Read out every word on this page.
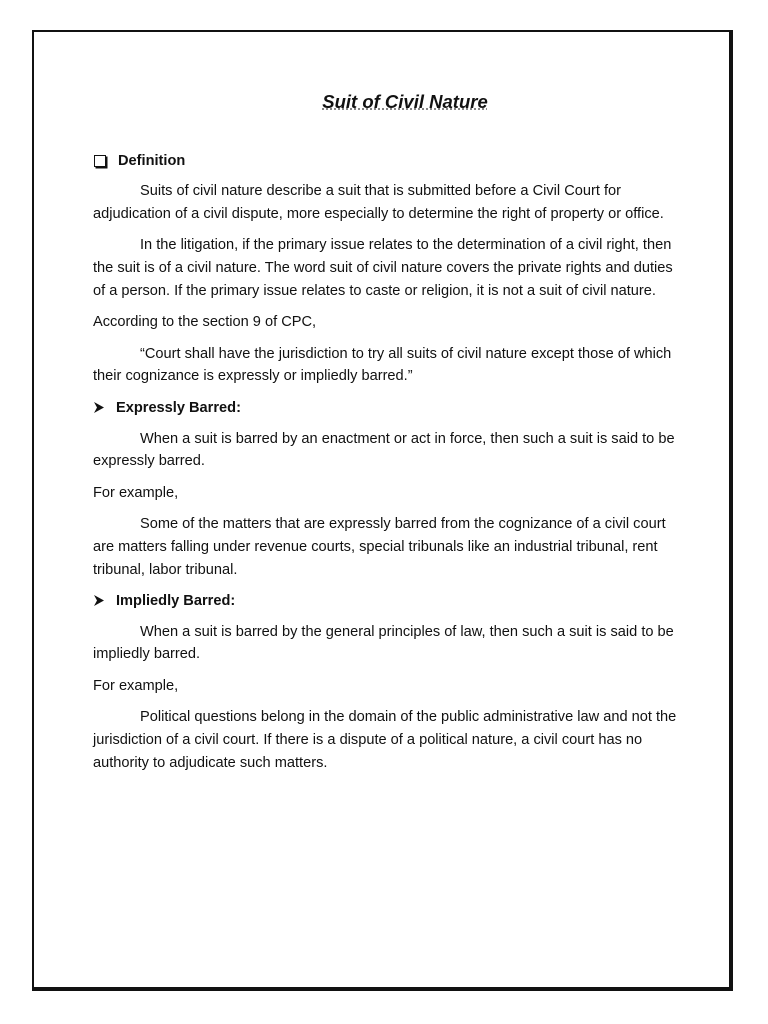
Suit of Civil Nature
Definition

Suits of civil nature describe a suit that is submitted before a Civil Court for adjudication of a civil dispute, more especially to determine the right of property or office.

In the litigation, if the primary issue relates to the determination of a civil right, then the suit is of a civil nature. The word suit of civil nature covers the private rights and duties of a person. If the primary issue relates to caste or religion, it is not a suit of civil nature.

According to the section 9 of CPC,

“Court shall have the jurisdiction to try all suits of civil nature except those of which their cognizance is expressly or impliedly barred.”

Expressly Barred:

When a suit is barred by an enactment or act in force, then such a suit is said to be expressly barred.

For example,

Some of the matters that are expressly barred from the cognizance of a civil court are matters falling under revenue courts, special tribunals like an industrial tribunal, rent tribunal, labor tribunal.

Impliedly Barred:

When a suit is barred by the general principles of law, then such a suit is said to be impliedly barred.

For example,

Political questions belong in the domain of the public administrative law and not the jurisdiction of a civil court. If there is a dispute of a political nature, a civil court has no authority to adjudicate such matters.
